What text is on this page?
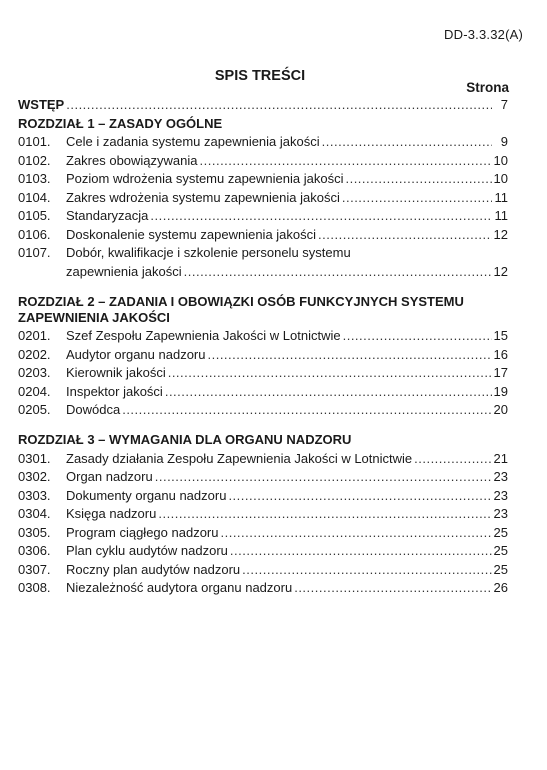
DD-3.3.32(A)
SPIS TREŚCI
Strona
WSTĘP .....	7
ROZDZIAŁ 1 – ZASADY OGÓLNE
0101. Cele i zadania systemu zapewnienia jakości .....	9
0102. Zakres obowiązywania .....	10
0103. Poziom wdrożenia systemu zapewnienia jakości .....	10
0104. Zakres wdrożenia systemu zapewnienia jakości .....	11
0105. Standaryzacja .....	11
0106. Doskonalenie systemu zapewnienia jakości .....	12
0107. Dobór, kwalifikacje i szkolenie personelu systemu
zapewnienia jakości .....	12
ROZDZIAŁ 2 – ZADANIA I OBOWIĄZKI OSÓB FUNKCYJNYCH SYSTEMU
ZAPEWNIENIA JAKOŚCI
0201. Szef Zespołu Zapewnienia Jakości w Lotnictwie .....	15
0202. Audytor organu nadzoru .....	16
0203. Kierownik jakości .....	17
0204. Inspektor jakości .....	19
0205. Dowódca .....	20
ROZDZIAŁ 3 – WYMAGANIA DLA ORGANU NADZORU
0301. Zasady działania Zespołu Zapewnienia Jakości w Lotnictwie .....	21
0302. Organ nadzoru .....	23
0303. Dokumenty organu nadzoru .....	23
0304. Księga nadzoru .....	23
0305. Program ciągłego nadzoru .....	25
0306. Plan cyklu audytów nadzoru .....	25
0307. Roczny plan audytów nadzoru .....	25
0308. Niezależność audytora organu nadzoru .....	26
